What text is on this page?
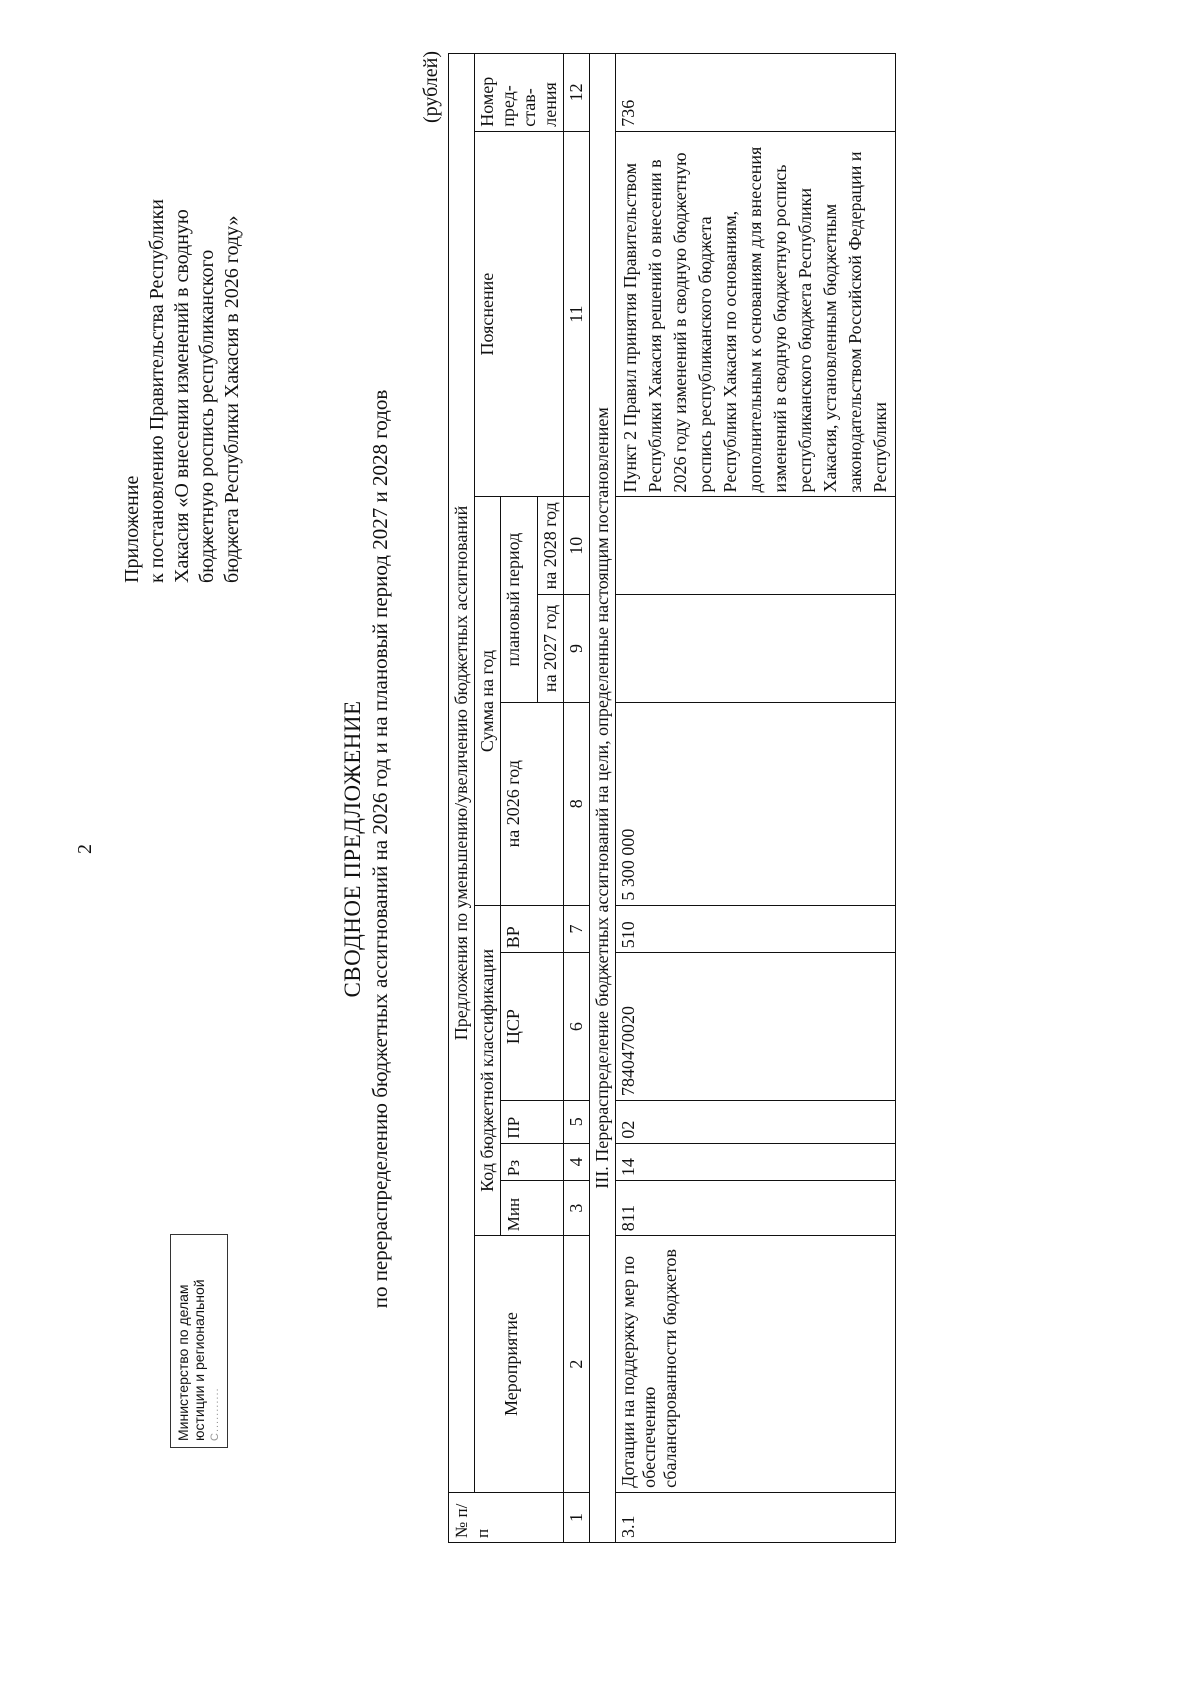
2
Приложение к постановлению Правительства Республики Хакасия «О внесении изменений в сводную бюджетную роспись республиканского бюджета Республики Хакасия в 2026 году»
Министерство по делам юстиции и региональной С...........
СВОДНОЕ ПРЕДЛОЖЕНИЕ по перераспределению бюджетных ассигнований на 2026 год и на плановый период 2027 и 2028 годов
(рублей)
№ п/п	Предложения по уменьшению/увеличению бюджетных ассигнований										
	Мероприятие	Код бюджетной классификации					Сумма на год			Пояснение	Номер пред-став-ления
		Мин	Рз	ПР	ЦСР	ВР	на 2026 год	плановый период			
								на 2027 год	на 2028 год		
1	2	3	4	5	6	7	8	9	10	11	12
III. Перераспределение бюджетных ассигнований на цели, определенные настоящим постановлением											
3.1	Дотации на поддержку мер по обеспечению сбалансированности бюджетов	811	14	02	7840470020	510	5 300 000			Пункт 2 Правил принятия Правительством Республики Хакасия решений о внесении в 2026 году изменений в сводную бюджетную роспись республиканского бюджета Республики Хакасия по основаниям, дополнительным к основаниям для внесения изменений в сводную бюджетную роспись республиканского бюджета Республики Хакасия, установленным бюджетным законодательством Российской Федерации и Республики	736
